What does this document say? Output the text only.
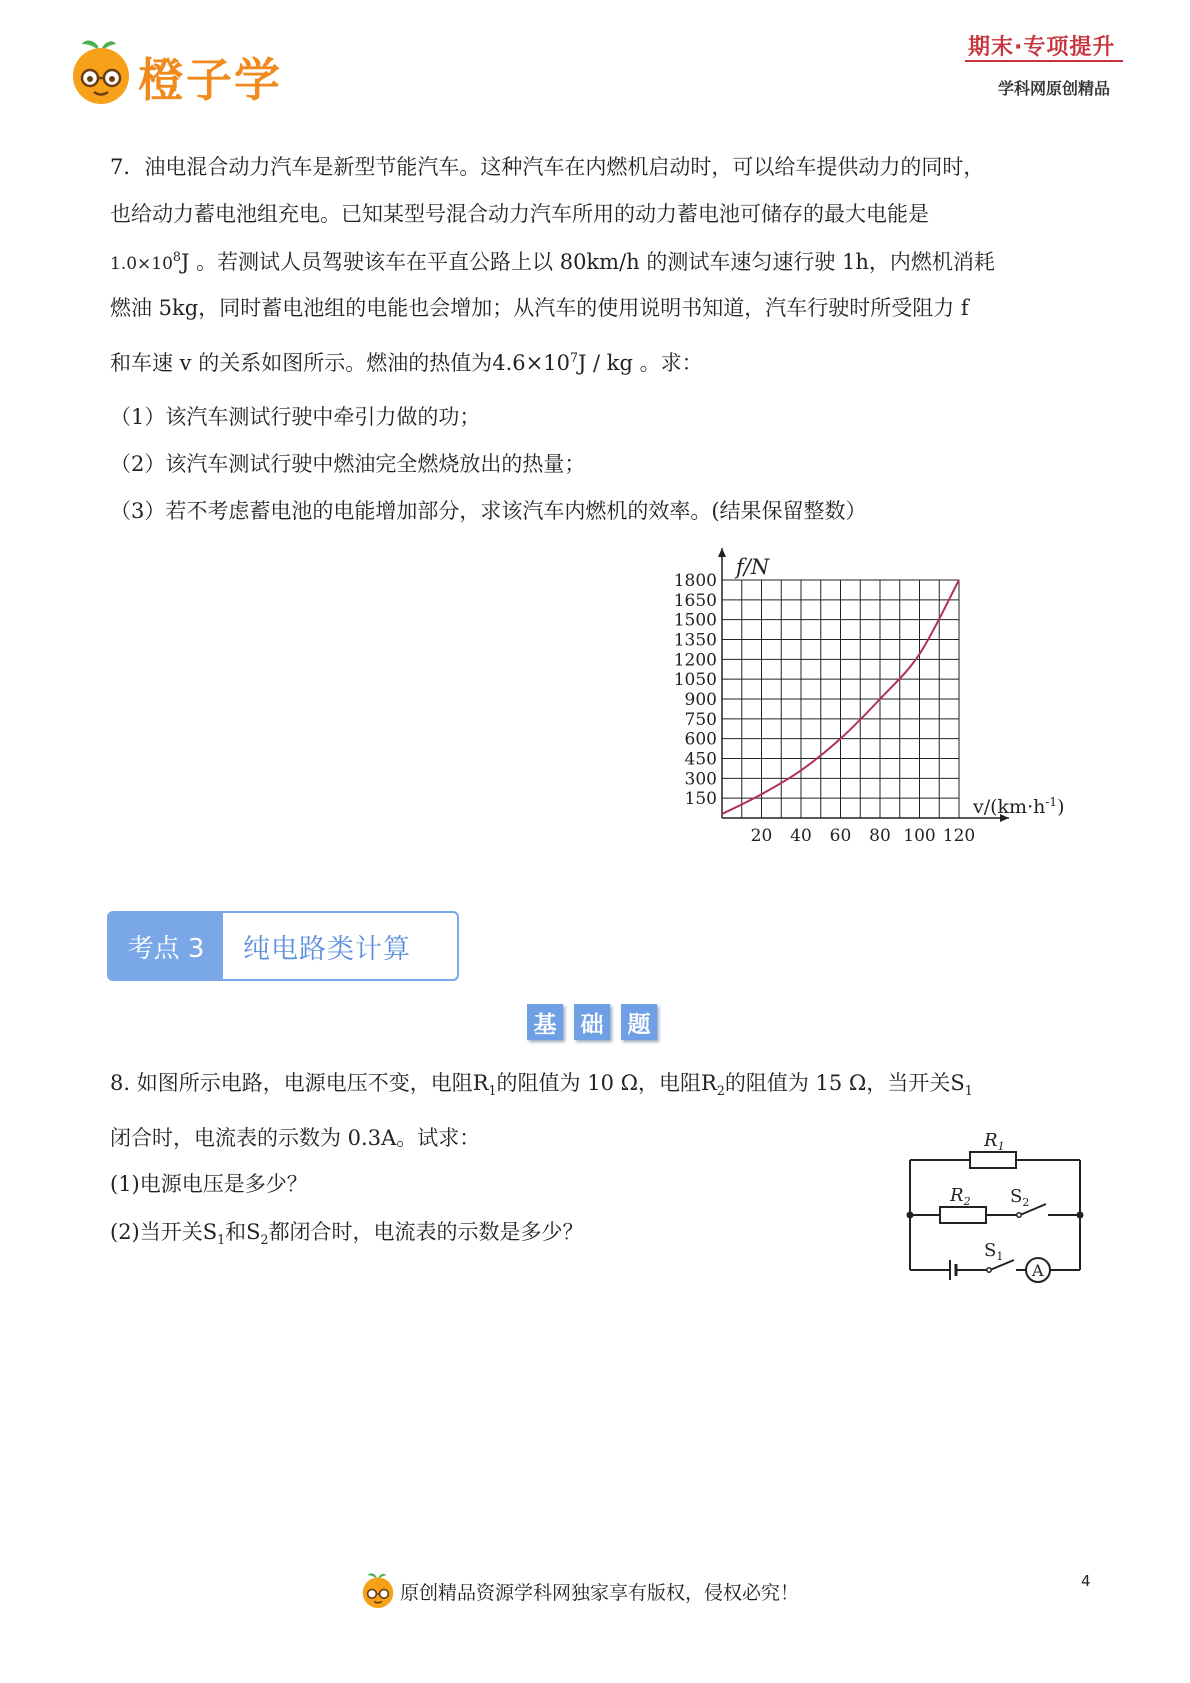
橙子学
期末·专项提升
学科网原创精品
7．油电混合动力汽车是新型节能汽车。这种汽车在内燃机启动时，可以给车提供动力的同时，
也给动力蓄电池组充电。已知某型号混合动力汽车所用的动力蓄电池可储存的最大电能是
$1.0\times 10^8J$ 。若测试人员驾驶该车在平直公路上以 80km/h 的测试车速匀速行驶 1h，内燃机消耗
燃油 5kg，同时蓄电池组的电能也会增加；从汽车的使用说明书知道，汽车行驶时所受阻力 f
和车速 v 的关系如图所示。燃油的热值为$4.6\times 10^7J$ / kg 。求：
（1）该汽车测试行驶中牵引力做的功；
（2）该汽车测试行驶中燃油完全燃烧放出的热量；
（3）若不考虑蓄电池的电能增加部分，求该汽车内燃机的效率。(结果保留整数）
150
300
450
600
750
900
1050
1200
1350
1500
1650
1800
20 40 60 80 100 120
f/N
$v/(km\cdot h^{-1})$
考点 3	纯电路类计算
基 础 题
8. 如图所示电路，电源电压不变，电阻$R_1$的阻值为 10 Ω，电阻$R_2$的阻值为 15 Ω，当开关$S_1$
闭合时，电流表的示数为 0.3A。试求：
(1)电源电压是多少？
(2)当开关$S_1$和$S_2$都闭合时，电流表的示数是多少？
$R_1$
$R_2$ $S_2$
$S_1$
A
原创精品资源学科网独家享有版权，侵权必究！
4
